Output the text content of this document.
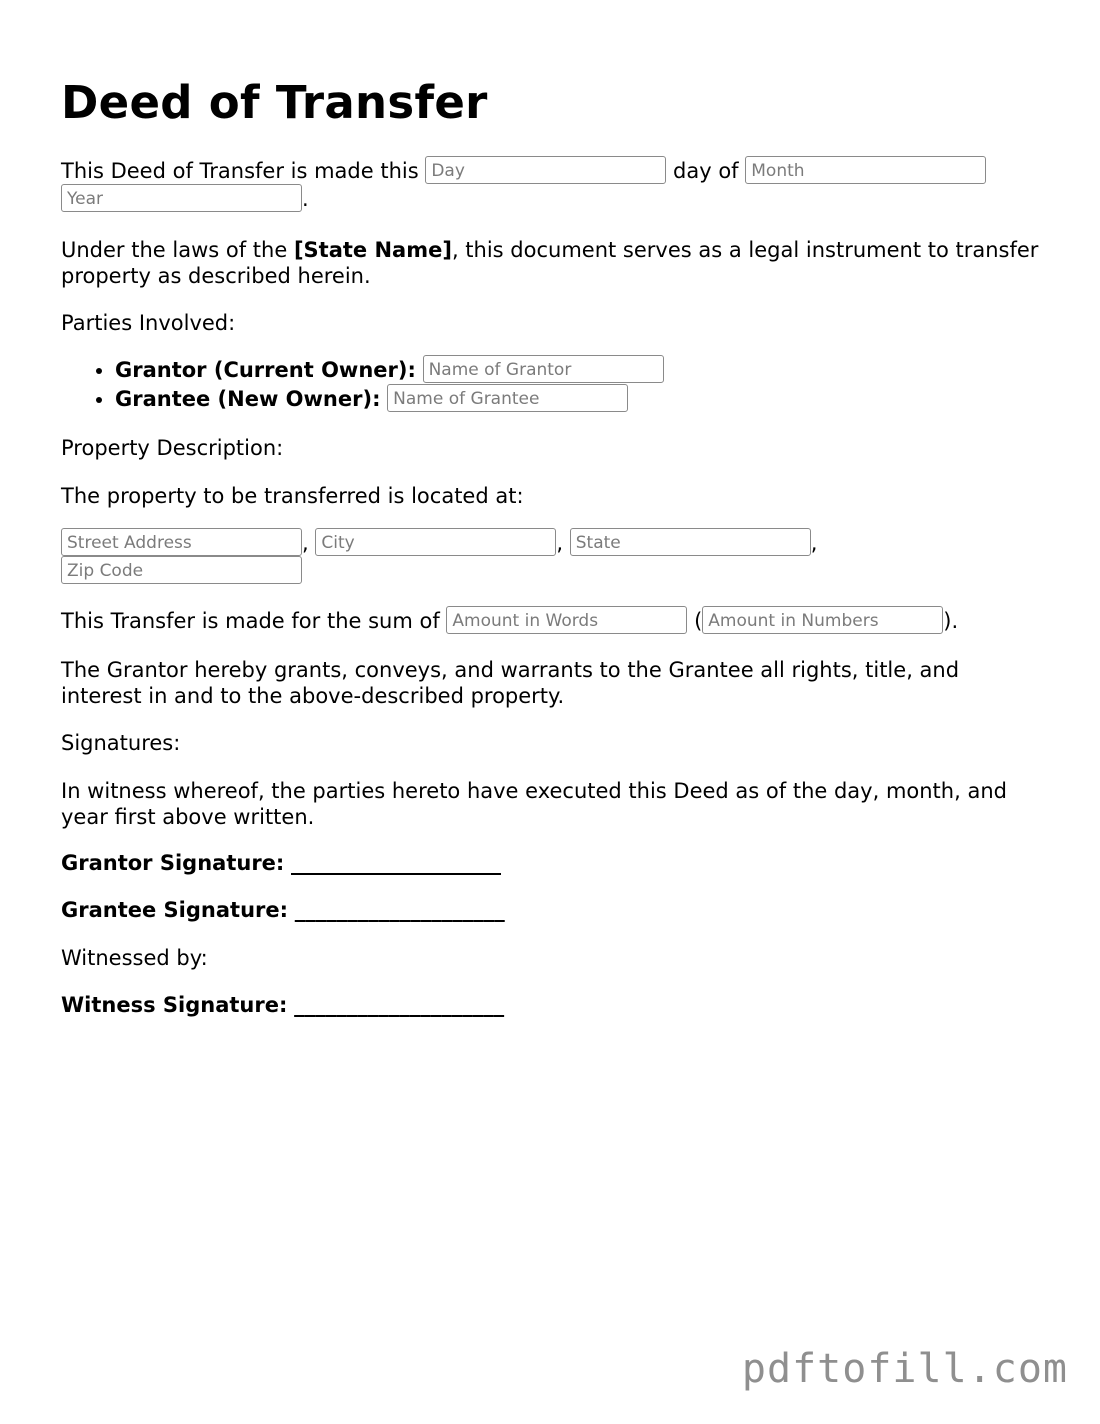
Deed of Transfer

This Deed of Transfer is made this Day	day of Month
Year.

Under the laws of the [State Name], this document serves as a legal instrument to transfer property as described herein.

Parties Involved:

• Grantor (Current Owner): Name of Grantor
• Grantee (New Owner): Name of Grantee

Property Description:

The property to be transferred is located at:

Street Address, City	, State	,
Zip Code

This Transfer is made for the sum of Amount in Words	(Amount in Numbers	).

The Grantor hereby grants, conveys, and warrants to the Grantee all rights, title, and interest in and to the above-described property.

Signatures:

In witness whereof, the parties hereto have executed this Deed as of the day, month, and year first above written.

Grantor Signature: ____________________

Grantee Signature: ____________________

Witnessed by:

Witness Signature: ____________________

pdftofill.com
